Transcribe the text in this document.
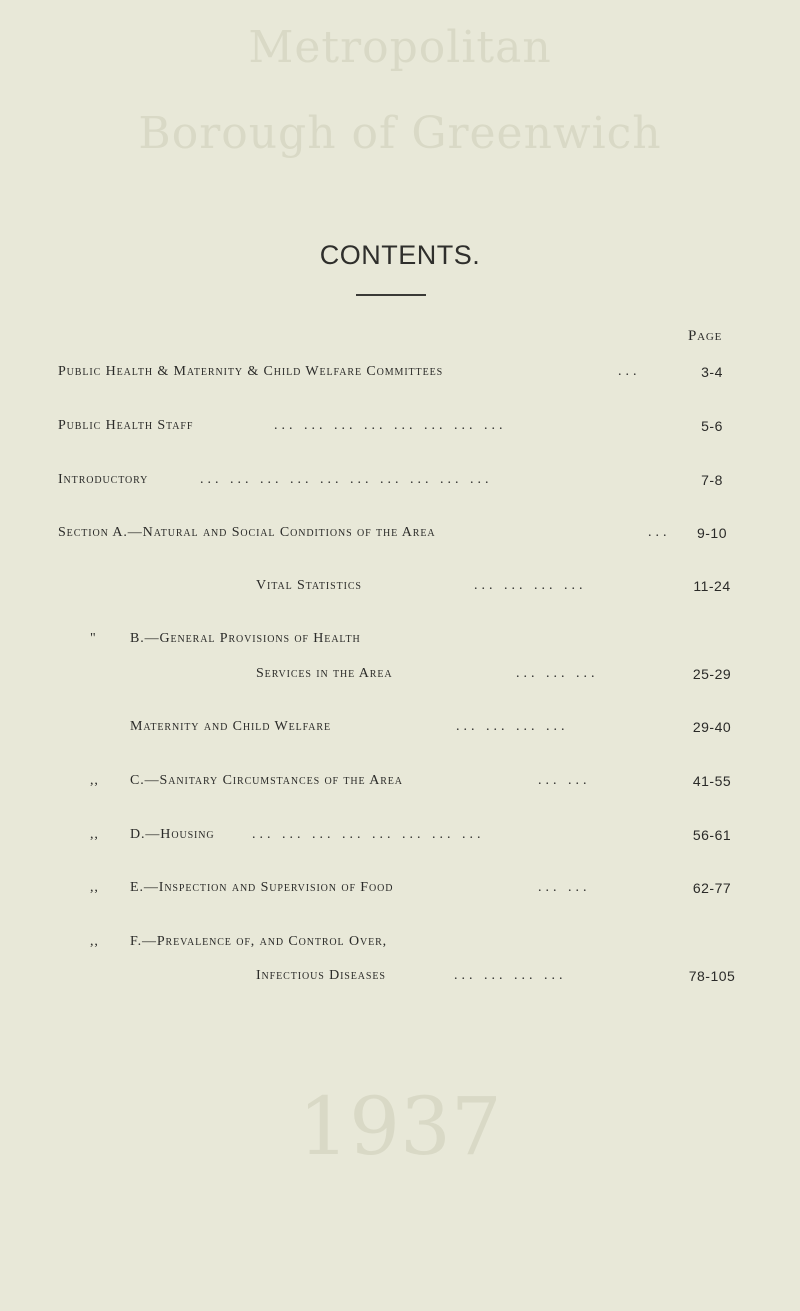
Metropolitan
Borough of Greenwich
1937
CONTENTS.
Page
Public Health & Maternity & Child Welfare Committees	...	3-4
Public Health Staff	... ... ... ... ... ... ... ...	5-6
Introductory	... ... ... ... ... ... ... ... ... ...	7-8
Section A.—Natural and Social Conditions of the Area	...	9-10
Vital Statistics	... ... ... ...	11-24
" B.—General Provisions of Health
Services in the Area	... ... ...	25-29
Maternity and Child Welfare	... ... ... ...	29-40
,, C.—Sanitary Circumstances of the Area	... ...	41-55
,, D.—Housing	... ... ... ... ... ... ... ...	56-61
,, E.—Inspection and Supervision of Food	... ...	62-77
,, F.—Prevalence of, and Control Over,
Infectious Diseases	... ... ... ...	78-105
